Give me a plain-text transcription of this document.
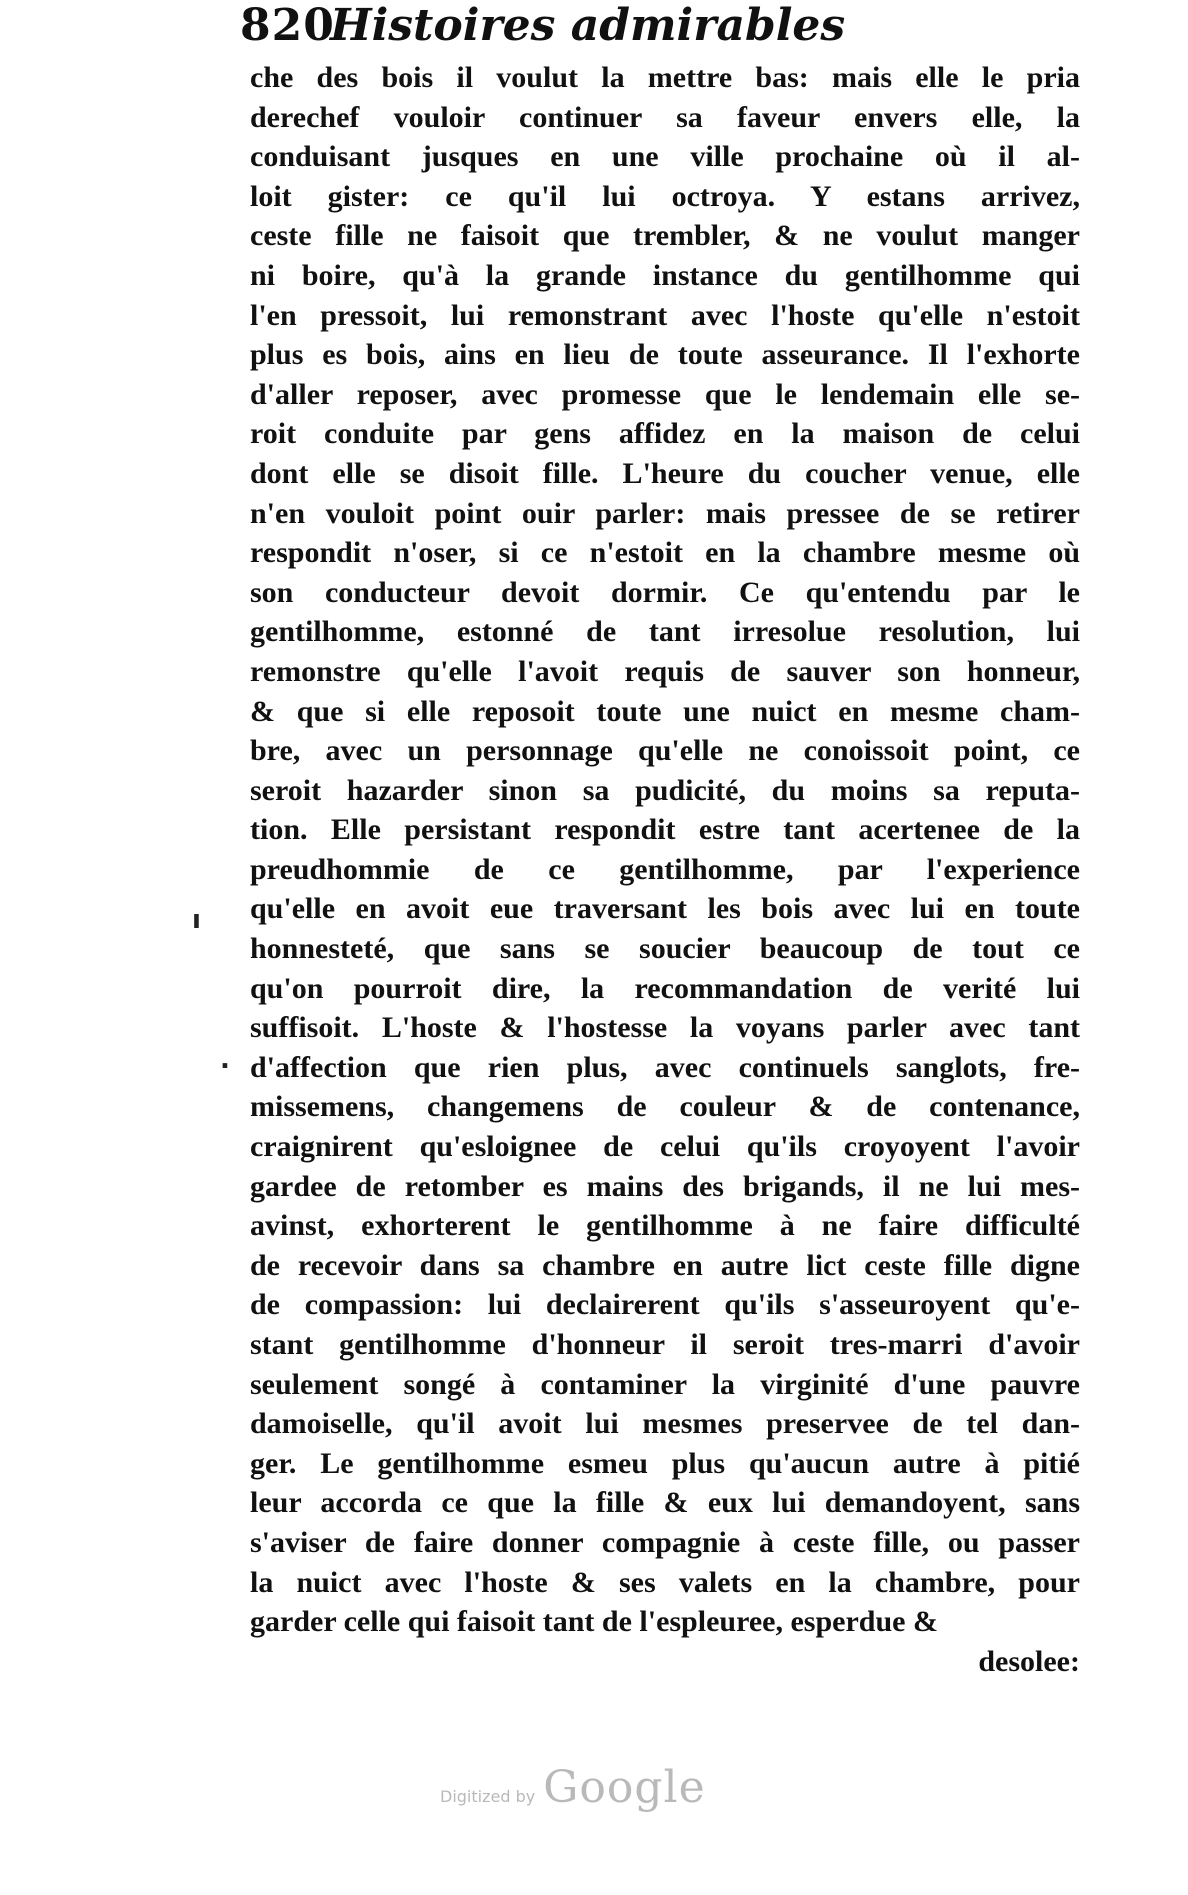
820
Histoires admirables
che des bois il voulut la mettre bas: mais elle le pria
derechef vouloir continuer sa faveur envers elle, la
conduisant jusques en une ville prochaine où il al-
loit gister: ce qu'il lui octroya. Y estans arrivez,
ceste fille ne faisoit que trembler, & ne voulut manger
ni boire, qu'à la grande instance du gentilhomme qui
l'en pressoit, lui remonstrant avec l'hoste qu'elle n'estoit
plus es bois, ains en lieu de toute asseurance. Il l'exhorte
d'aller reposer, avec promesse que le lendemain elle se-
roit conduite par gens affidez en la maison de celui
dont elle se disoit fille. L'heure du coucher venue, elle
n'en vouloit point ouir parler: mais pressee de se retirer
respondit n'oser, si ce n'estoit en la chambre mesme où
son conducteur devoit dormir. Ce qu'entendu par le
gentilhomme, estonné de tant irresolue resolution, lui
remonstre qu'elle l'avoit requis de sauver son honneur,
& que si elle reposoit toute une nuict en mesme cham-
bre, avec un personnage qu'elle ne conoissoit point, ce
seroit hazarder sinon sa pudicité, du moins sa reputa-
tion. Elle persistant respondit estre tant acertenee de la
preudhommie de ce gentilhomme, par l'experience
qu'elle en avoit eue traversant les bois avec lui en toute
honnesteté, que sans se soucier beaucoup de tout ce
qu'on pourroit dire, la recommandation de verité lui
suffisoit. L'hoste & l'hostesse la voyans parler avec tant
d'affection que rien plus, avec continuels sanglots, fre-
missemens, changemens de couleur & de contenance,
craignirent qu'esloignee de celui qu'ils croyoyent l'avoir
gardee de retomber es mains des brigands, il ne lui mes-
avinst, exhorterent le gentilhomme à ne faire difficulté
de recevoir dans sa chambre en autre lict ceste fille digne
de compassion: lui declairerent qu'ils s'asseuroyent qu'e-
stant gentilhomme d'honneur il seroit tres-marri d'avoir
seulement songé à contaminer la virginité d'une pauvre
damoiselle, qu'il avoit lui mesmes preservee de tel dan-
ger. Le gentilhomme esmeu plus qu'aucun autre à pitié
leur accorda ce que la fille & eux lui demandoyent, sans
s'aviser de faire donner compagnie à ceste fille, ou passer
la nuict avec l'hoste & ses valets en la chambre, pour
garder celle qui faisoit tant de l'espleuree, esperdue &
desolee:
ı
.
Digitized by Google
